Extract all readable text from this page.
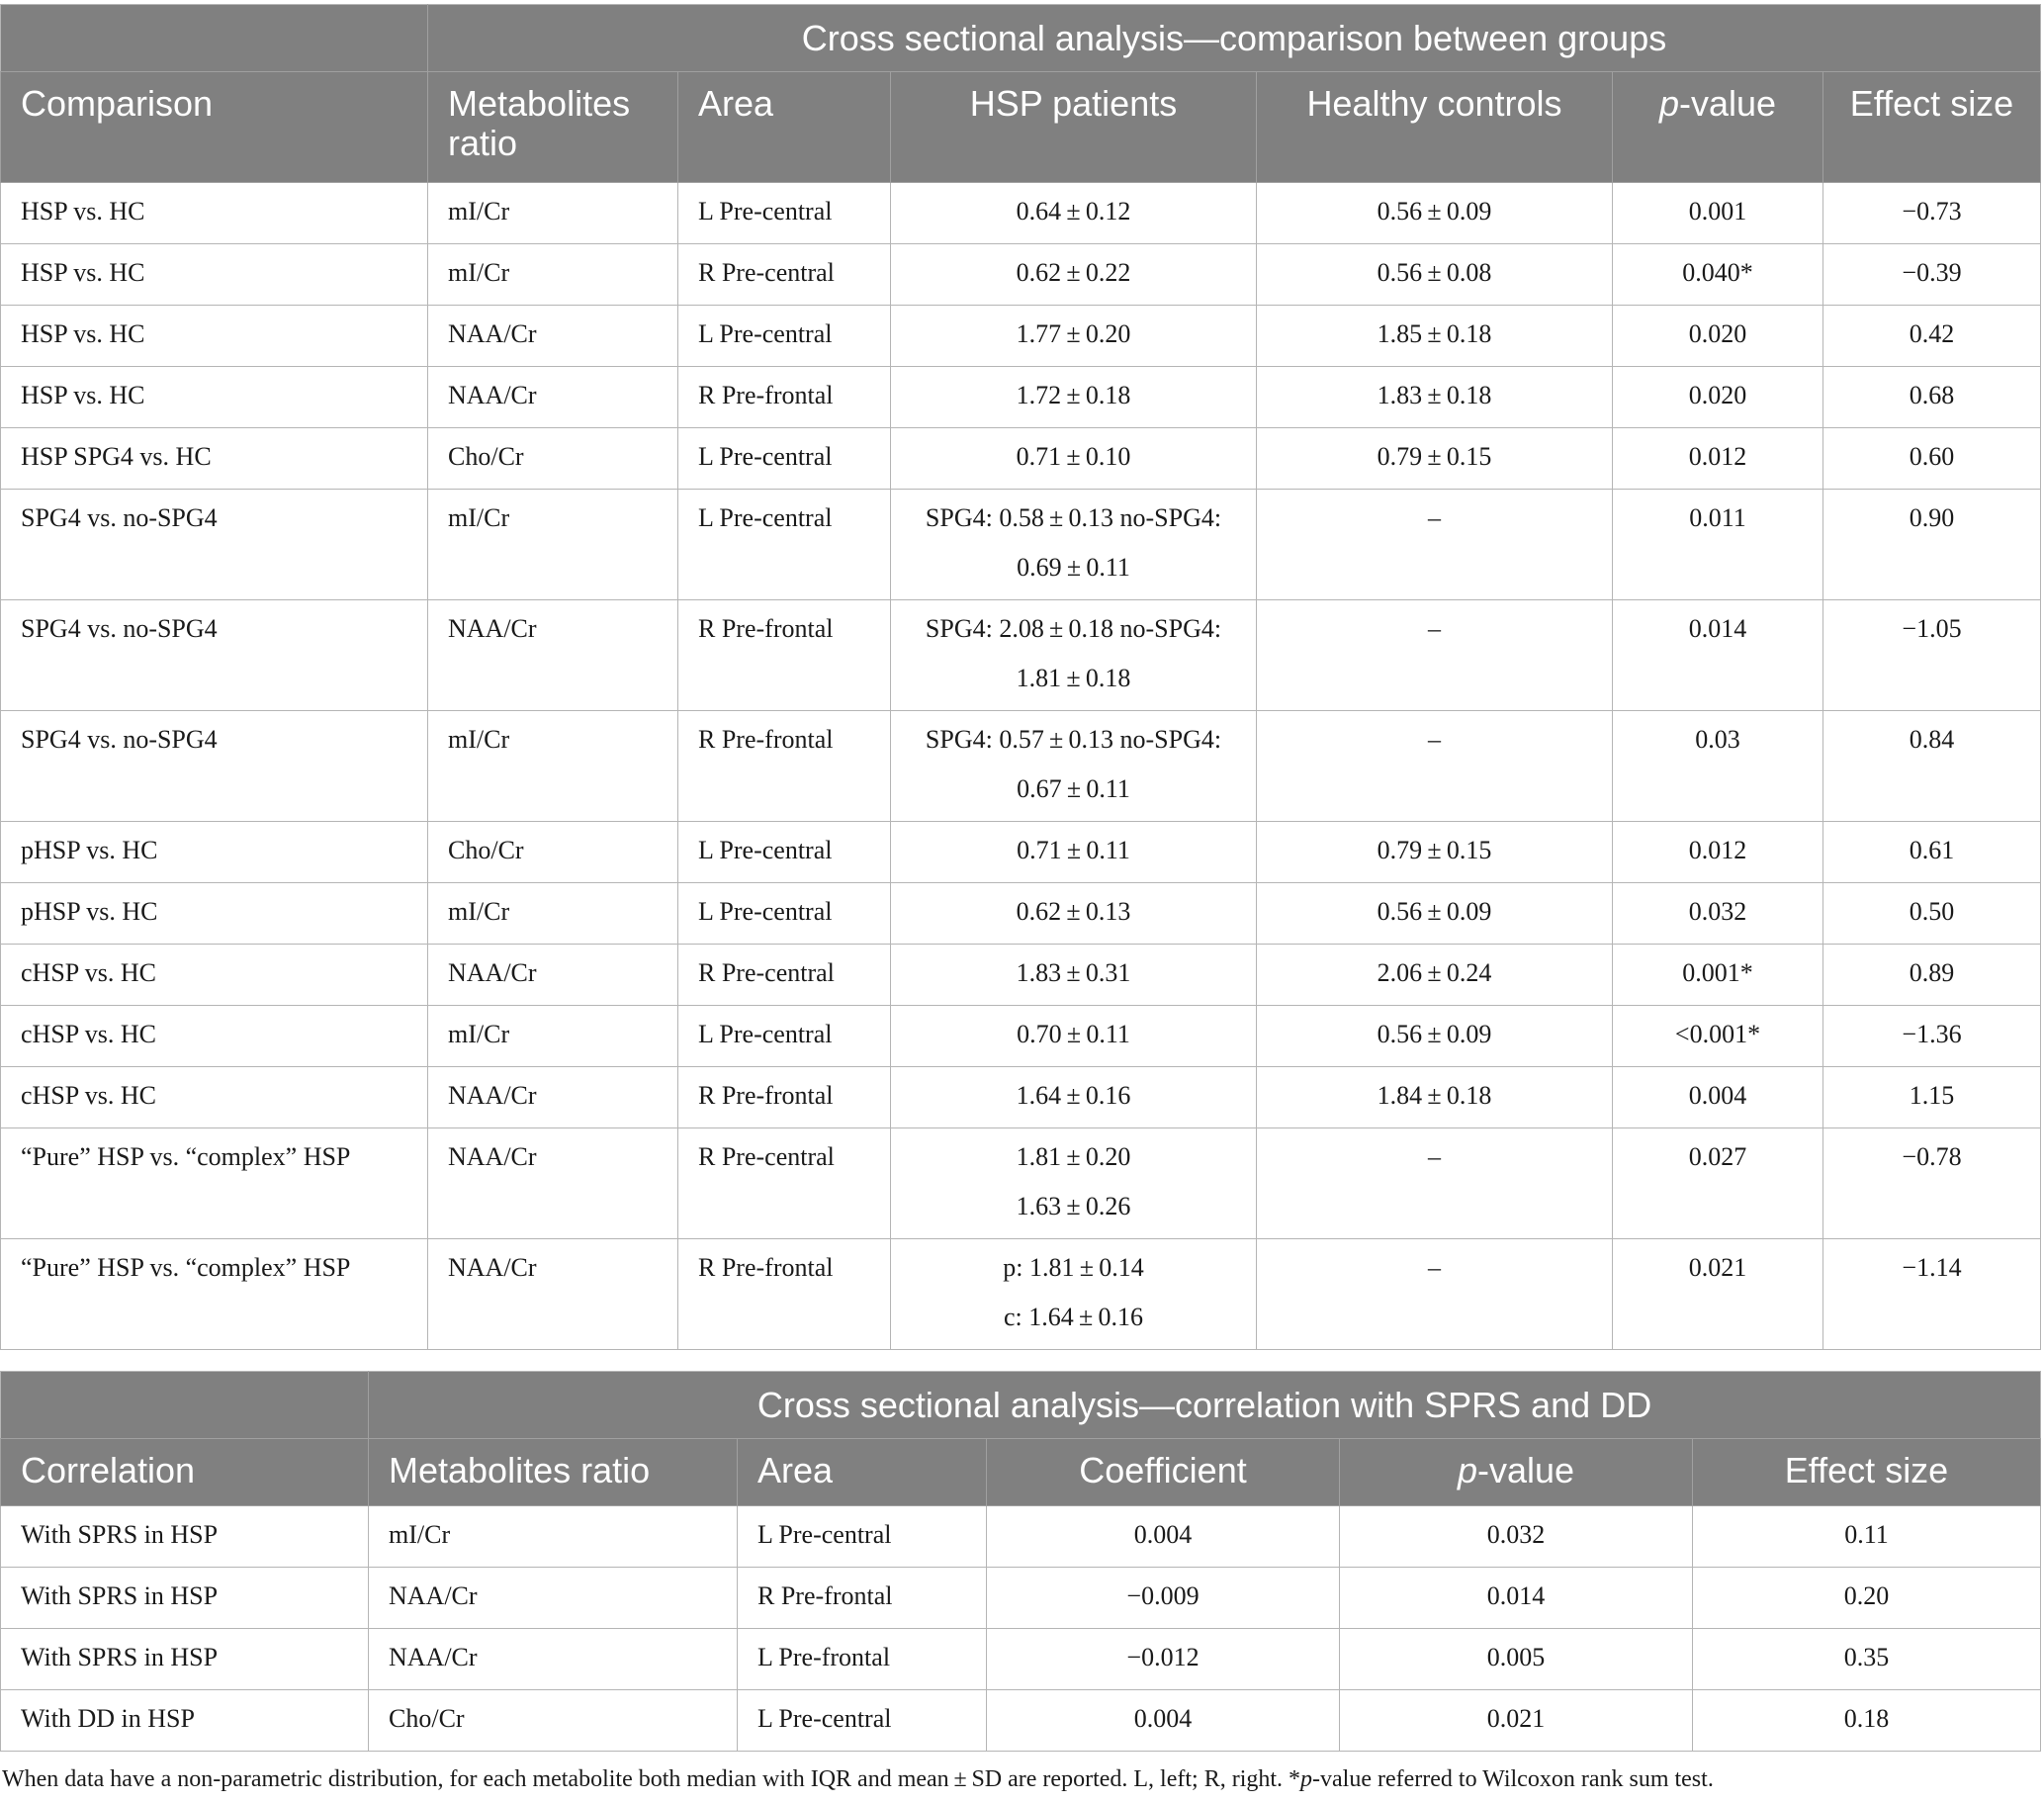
	Cross sectional analysis—comparison between groups					
Comparison	Metabolites ratio	Area	HSP patients	Healthy controls	p-value	Effect size
HSP vs. HC	mI/Cr	L Pre-central	0.64 ± 0.12	0.56 ± 0.09	0.001	−0.73
HSP vs. HC	mI/Cr	R Pre-central	0.62 ± 0.22	0.56 ± 0.08	0.040*	−0.39
HSP vs. HC	NAA/Cr	L Pre-central	1.77 ± 0.20	1.85 ± 0.18	0.020	0.42
HSP vs. HC	NAA/Cr	R Pre-frontal	1.72 ± 0.18	1.83 ± 0.18	0.020	0.68
HSP SPG4 vs. HC	Cho/Cr	L Pre-central	0.71 ± 0.10	0.79 ± 0.15	0.012	0.60
SPG4 vs. no-SPG4	mI/Cr	L Pre-central	SPG4: 0.58 ± 0.13 no-SPG4:
0.69 ± 0.11	–	0.011	0.90
SPG4 vs. no-SPG4	NAA/Cr	R Pre-frontal	SPG4: 2.08 ± 0.18 no-SPG4:
1.81 ± 0.18	–	0.014	−1.05
SPG4 vs. no-SPG4	mI/Cr	R Pre-frontal	SPG4: 0.57 ± 0.13 no-SPG4:
0.67 ± 0.11	–	0.03	0.84
pHSP vs. HC	Cho/Cr	L Pre-central	0.71 ± 0.11	0.79 ± 0.15	0.012	0.61
pHSP vs. HC	mI/Cr	L Pre-central	0.62 ± 0.13	0.56 ± 0.09	0.032	0.50
cHSP vs. HC	NAA/Cr	R Pre-central	1.83 ± 0.31	2.06 ± 0.24	0.001*	0.89
cHSP vs. HC	mI/Cr	L Pre-central	0.70 ± 0.11	0.56 ± 0.09	<0.001*	−1.36
cHSP vs. HC	NAA/Cr	R Pre-frontal	1.64 ± 0.16	1.84 ± 0.18	0.004	1.15
“Pure” HSP vs. “complex” HSP	NAA/Cr	R Pre-central	1.81 ± 0.20
1.63 ± 0.26	–	0.027	−0.78
“Pure” HSP vs. “complex” HSP	NAA/Cr	R Pre-frontal	p: 1.81 ± 0.14
c: 1.64 ± 0.16	–	0.021	−1.14
	Cross sectional analysis—correlation with SPRS and DD				
Correlation	Metabolites ratio	Area	Coefficient	p-value	Effect size
With SPRS in HSP	mI/Cr	L Pre-central	0.004	0.032	0.11
With SPRS in HSP	NAA/Cr	R Pre-frontal	−0.009	0.014	0.20
With SPRS in HSP	NAA/Cr	L Pre-frontal	−0.012	0.005	0.35
With DD in HSP	Cho/Cr	L Pre-central	0.004	0.021	0.18
When data have a non-parametric distribution, for each metabolite both median with IQR and mean ± SD are reported. L, left; R, right. *p-value referred to Wilcoxon rank sum test.
